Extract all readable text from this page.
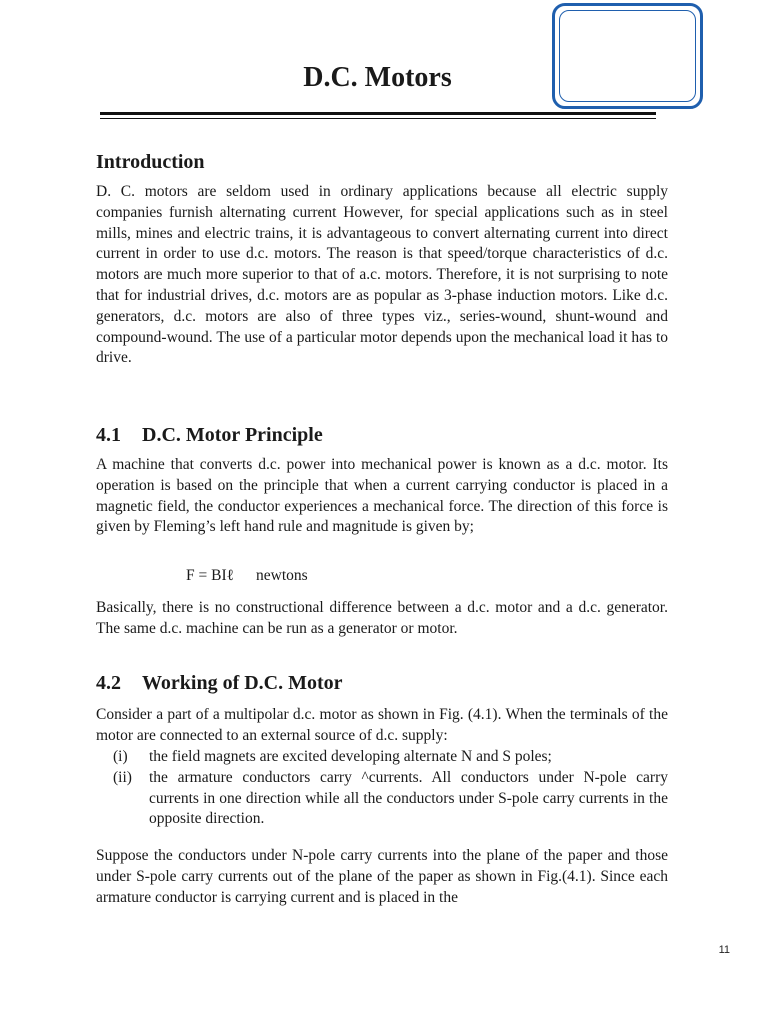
D.C. Motors
Introduction

D. C. motors are seldom used in ordinary applications because all electric supply companies furnish alternating current However, for special applications such as in steel mills, mines and electric trains, it is advantageous to convert alternating current into direct current in order to use d.c. motors. The reason is that speed/torque characteristics of d.c. motors are much more superior to that of a.c. motors. Therefore, it is not surprising to note that for industrial drives, d.c. motors are as popular as 3-phase induction motors. Like d.c. generators, d.c. motors are also of three types viz., series-wound, shunt-wound and compound-wound. The use of a particular motor depends upon the mechanical load it has to drive.

4.1 D.C. Motor Principle

A machine that converts d.c. power into mechanical power is known as a d.c. motor. Its operation is based on the principle that when a current carrying conductor is placed in a magnetic field, the conductor experiences a mechanical force. The direction of this force is given by Fleming’s left hand rule and magnitude is given by;

F = BIℓ newtons

Basically, there is no constructional difference between a d.c. motor and a d.c. generator. The same d.c. machine can be run as a generator or motor.

4.2 Working of D.C. Motor

Consider a part of a multipolar d.c. motor as shown in Fig. (4.1). When the terminals of the motor are connected to an external source of d.c. supply:

(i) the field magnets are excited developing alternate N and S poles;
(ii) the armature conductors carry ^currents. All conductors under N-pole carry currents in one direction while all the conductors under S-pole carry currents in the opposite direction.

Suppose the conductors under N-pole carry currents into the plane of the paper and those under S-pole carry currents out of the plane of the paper as shown in Fig.(4.1). Since each armature conductor is carrying current and is placed in the

11
